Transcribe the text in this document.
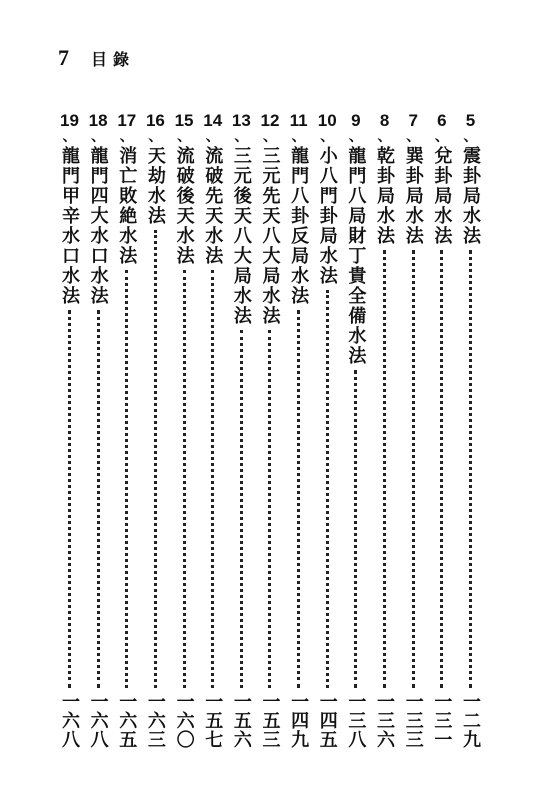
7 目錄
5
、
震卦局水法
一二九
6
、
兌卦局水法
一三一
7
、
巽卦局水法
一三三
8
、
乾卦局水法
一三六
9
、
龍門八局財丁貴全備水法
一三八
10
、
小八門卦局水法
一四五
11
、
龍門八卦反局水法
一四九
12
、
三元先天八大局水法
一五三
13
、
三元後天八大局水法
一五六
14
、
流破先天水法
一五七
15
、
流破後天水法
一六〇
16
、
天劫水法
一六三
17
、
消亡敗絶水法
一六五
18
、
龍門四大水口水法
一六八
19
、
龍門甲辛水口水法
一六八
